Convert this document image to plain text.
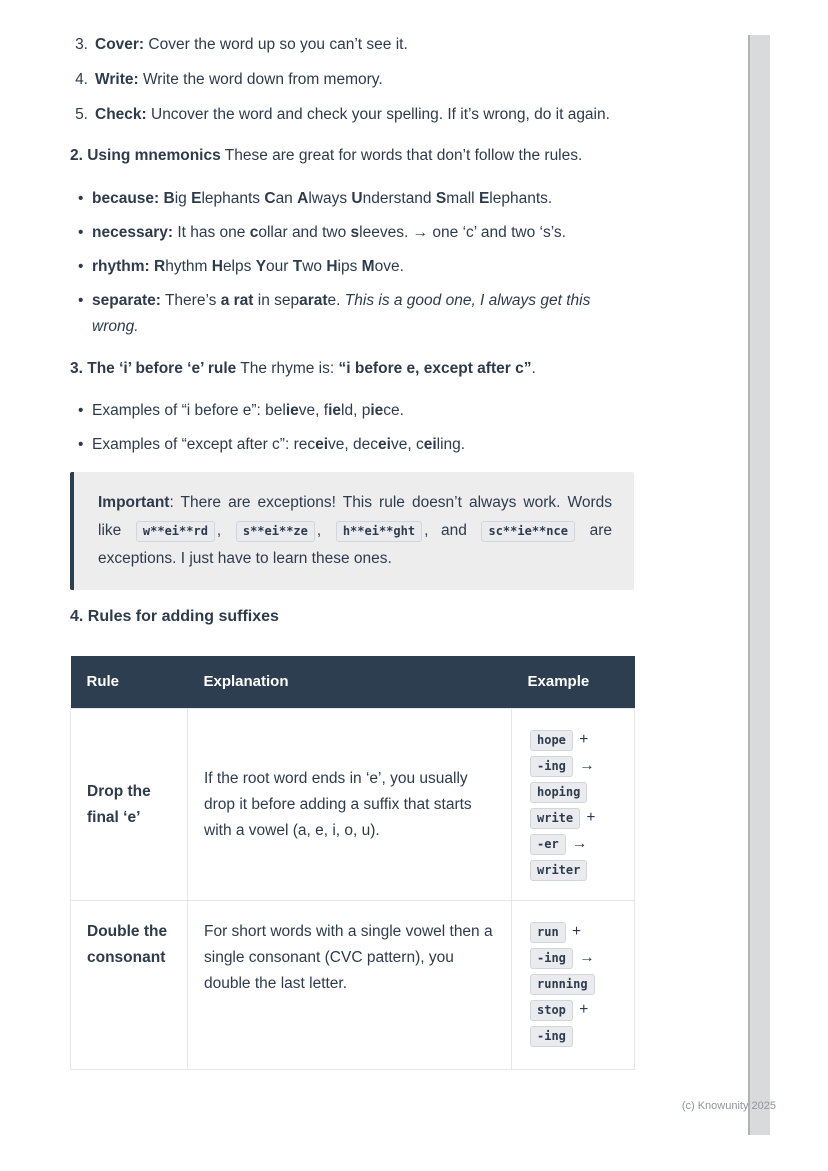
3. Cover: Cover the word up so you can’t see it.
4. Write: Write the word down from memory.
5. Check: Uncover the word and check your spelling. If it’s wrong, do it again.

2. Using mnemonics These are great for words that don’t follow the rules.

• because: Big Elephants Can Always Understand Small Elephants.
• necessary: It has one collar and two sleeves. → one ‘c’ and two ‘s’s.
• rhythm: Rhythm Helps Your Two Hips Move.
• separate: There’s a rat in separate. This is a good one, I always get this wrong.

3. The ‘i’ before ‘e’ rule The rhyme is: “i before e, except after c”.

• Examples of “i before e”: believe, field, piece.
• Examples of “except after c”: receive, deceive, ceiling.
Important: There are exceptions! This rule doesn’t always work. Words like w**ei**rd , s**ei**ze , h**ei**ght , and sc**ie**nce are exceptions. I just have to learn these ones.
4. Rules for adding suffixes
Rule	Explanation	Example
Drop the final ‘e’	If the root word ends in ‘e’, you usually drop it before adding a suffix that starts with a vowel (a, e, i, o, u).	hope + -ing → hoping write + -er → writer

Double the consonant	For short words with a single vowel then a single consonant (CVC pattern), you double the last letter.	run + -ing → running stop + -ing
(c) Knowunity 2025
